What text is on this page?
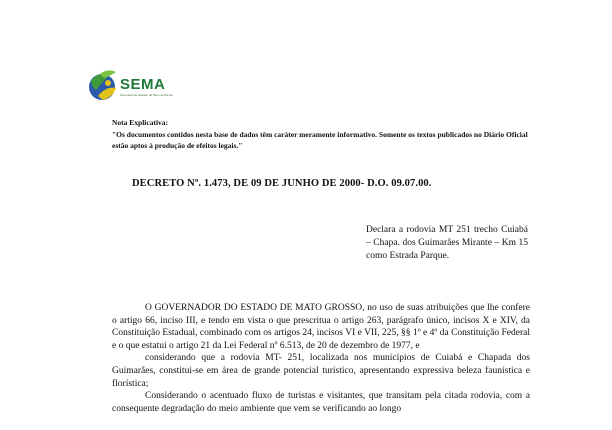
SEMA
Secretaria de Estado do Meio Ambiente
Nota Explicativa:
"Os documentos contidos nesta base de dados têm caráter meramente informativo. Somente os textos publicados no Diário Oficial estão aptos à produção de efeitos legais."
DECRETO Nº. 1.473, DE 09 DE JUNHO DE 2000- D.O. 09.07.00.
Declara a rodovia MT 251 trecho Cuiabá – Chapa. dos Guimarães Mirante – Km 15 como Estrada Parque.

O GOVERNADOR DO ESTADO DE MATO GROSSO, no uso de suas atribuições que lhe confere o artigo 66, inciso III, e tendo em vista o que prescritua o artigo 263, parágrafo único, incisos X e XIV, da Constituição Estadual, combinado com os artigos 24, incisos VI e VII, 225, §§ 1º e 4º da Constituição Federal e o que estatui o artigo 21 da Lei Federal nº 6.513, de 20 de dezembro de 1977, e

considerando que a rodovia MT- 251, localizada nos municípios de Cuiabá e Chapada dos Guimarães, constitui-se em área de grande potencial turístico, apresentando expressiva beleza faunística e florística;

Considerando o acentuado fluxo de turistas e visitantes, que transitam pela citada rodovia, com a consequente degradação do meio ambiente que vem se verificando ao longo
